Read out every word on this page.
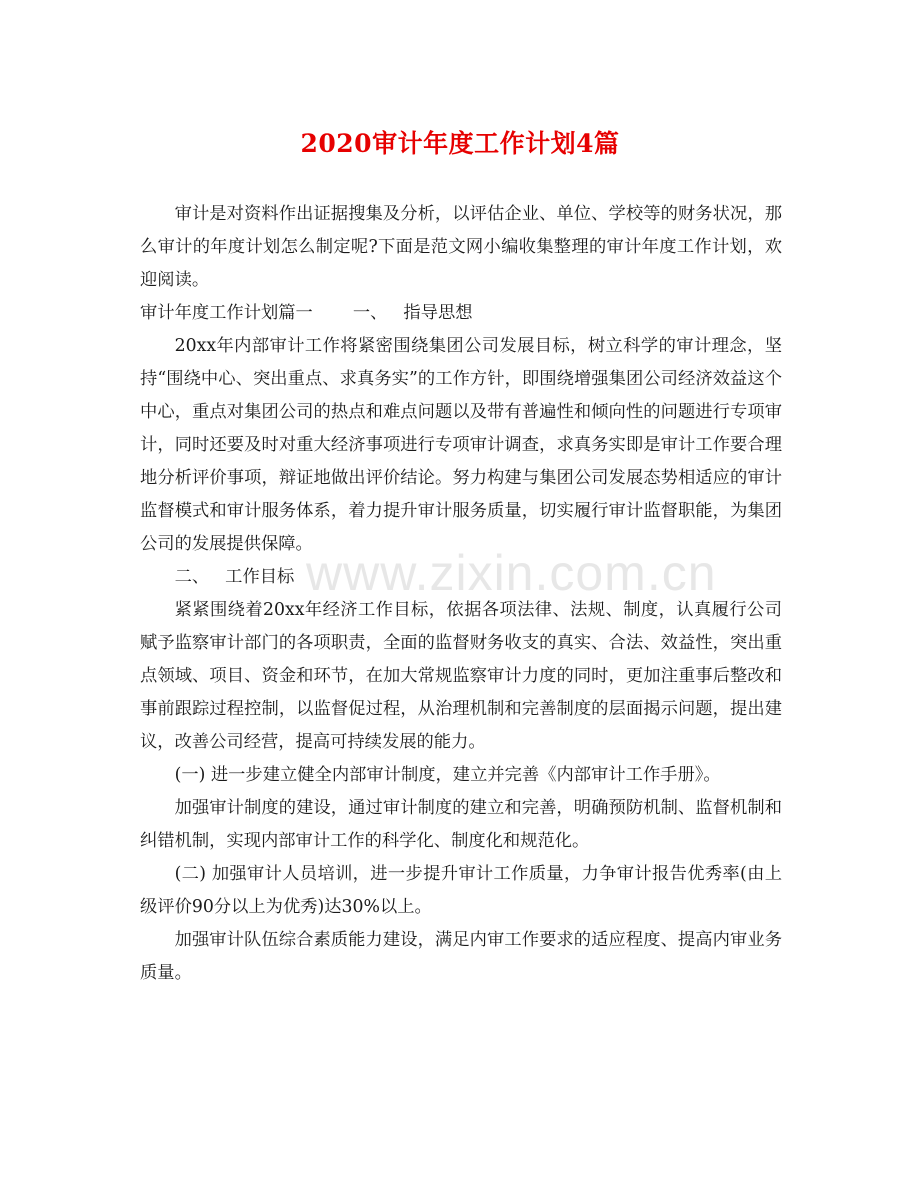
2020审计年度工作计划4篇

审计是对资料作出证据搜集及分析，以评估企业、单位、学校等的财务状况，那么审计的年度计划怎么制定呢?下面是范文网小编收集整理的审计年度工作计划，欢迎阅读。

审计年度工作计划篇一 一、 指导思想

20xx年内部审计工作将紧密围绕集团公司发展目标，树立科学的审计理念，坚持“围绕中心、突出重点、求真务实”的工作方针，即围绕增强集团公司经济效益这个中心，重点对集团公司的热点和难点问题以及带有普遍性和倾向性的问题进行专项审计，同时还要及时对重大经济事项进行专项审计调查，求真务实即是审计工作要合理地分析评价事项，辩证地做出评价结论。努力构建与集团公司发展态势相适应的审计监督模式和审计服务体系，着力提升审计服务质量，切实履行审计监督职能，为集团公司的发展提供保障。

二、 工作目标

紧紧围绕着20xx年经济工作目标，依据各项法律、法规、制度，认真履行公司赋予监察审计部门的各项职责，全面的监督财务收支的真实、合法、效益性，突出重点领域、项目、资金和环节，在加大常规监察审计力度的同时，更加注重事后整改和事前跟踪过程控制，以监督促过程，从治理机制和完善制度的层面揭示问题，提出建议，改善公司经营，提高可持续发展的能力。

(一) 进一步建立健全内部审计制度，建立并完善《内部审计工作手册》。

加强审计制度的建设，通过审计制度的建立和完善，明确预防机制、监督机制和纠错机制，实现内部审计工作的科学化、制度化和规范化。

(二) 加强审计人员培训，进一步提升审计工作质量，力争审计报告优秀率(由上级评价90分以上为优秀)达30%以上。

加强审计队伍综合素质能力建设，满足内审工作要求的适应程度、提高内审业务质量。

www.zixin.com.cn
